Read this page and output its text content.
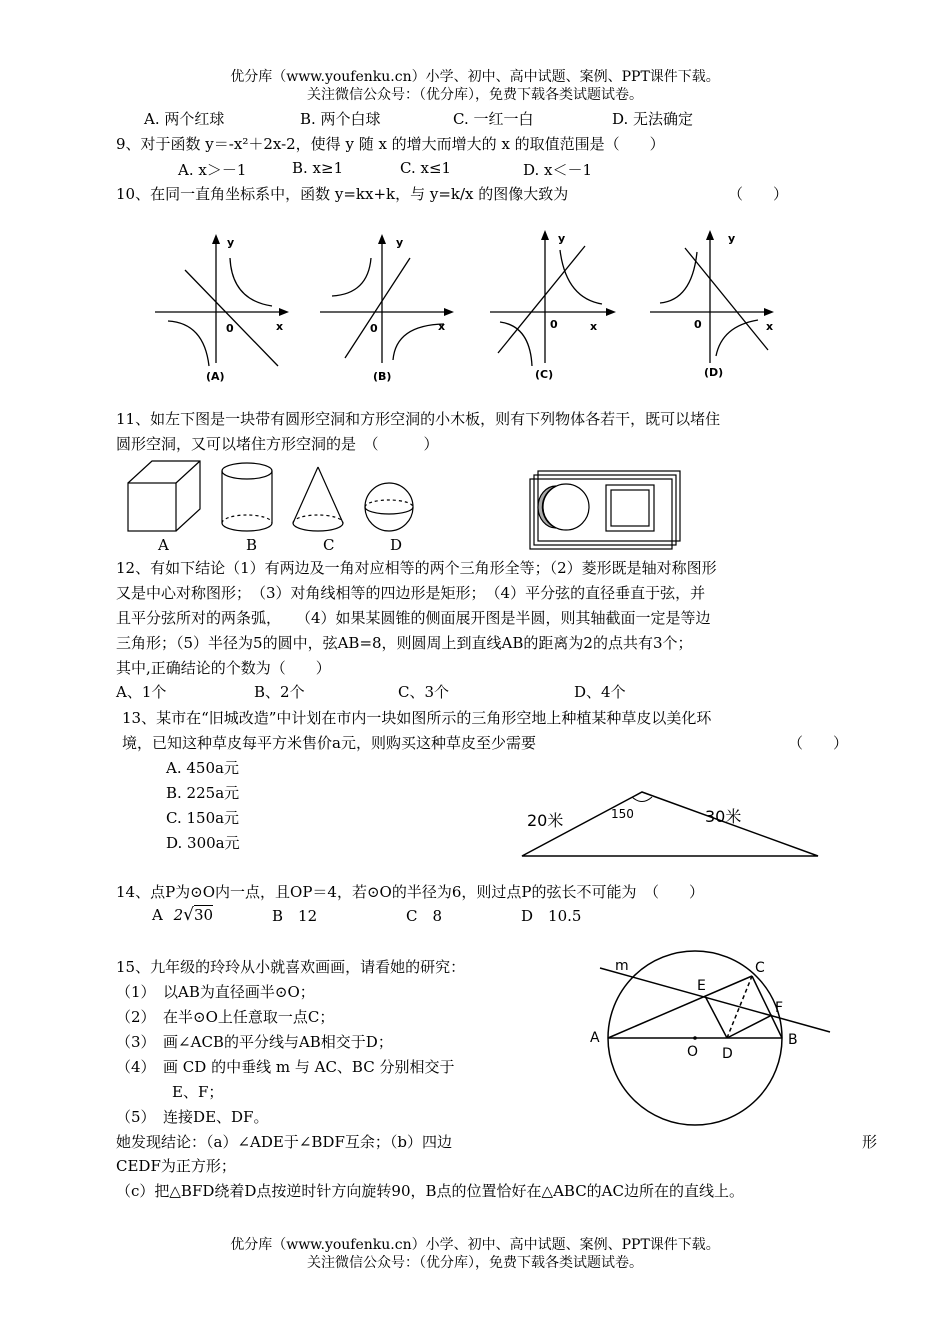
优分库（www.youfenku.cn）小学、初中、高中试题、案例、PPT课件下载。
关注微信公众号：（优分库），免费下载各类试题试卷。
A. 两个红球	B. 两个白球	C. 一红一白	D. 无法确定
9、对于函数 y＝-x²＋2x-2，使得 y 随 x 的增大而增大的 x 的取值范围是（　　）
A. x＞－1	B. x≥1	C. x≤1	D. x＜－1
10、在同一直角坐标系中，函数 y=kx+k，与 y=k/x 的图像大致为	（　　）
y
x
0
(A)
y
x
0
(B)
y
x
0
(C)
y
x
0
(D)
11、如左下图是一块带有圆形空洞和方形空洞的小木板，则有下列物体各若干，既可以堵住
圆形空洞，又可以堵住方形空洞的是　（　　　）
A	B	C	D
12、有如下结论（1）有两边及一角对应相等的两个三角形全等；（2）菱形既是轴对称图形
又是中心对称图形；　（3）对角线相等的四边形是矩形；　（4）平分弦的直径垂直于弦，并
且平分弦所对的两条弧，　　（4）如果某圆锥的侧面展开图是半圆，则其轴截面一定是等边
三角形；（5）半径为5的圆中，弦AB=8，则圆周上到直线AB的距离为2的点共有3个；
其中,正确结论的个数为（　　）
A、1个	B、2个	C、3个	D、4个
13、某市在“旧城改造”中计划在市内一块如图所示的三角形空地上种植某种草皮以美化环
境，已知这种草皮每平方米售价a元，则购买这种草皮至少需要	（　　）
A. 450a元
B. 225a元
C. 150a元
D. 300a元
20米	30米
150
14、点P为⊙O内一点，且OP＝4，若⊙O的半径为6，则过点P的弦长不可能为　（　　）
A 2√30	B　12	C　8	D　10.5
15、九年级的玲玲从小就喜欢画画，请看她的研究：
（1）　以AB为直径画半⊙O；
（2）　在半⊙O上任意取一点C；
（3）　画∠ACB的平分线与AB相交于D；
（4）　画 CD 的中垂线 m 与 AC、BC 分别相交于
E、F；
（5）　连接DE、DF。
她发现结论：（a）∠ADE于∠BDF互余；（b）四边	形
CEDF为正方形；
（c）把△BFD绕着D点按逆时针方向旋转90，B点的位置恰好在△ABC的AC边所在的直线上。
m
A	B
C
D
E
F
O
优分库（www.youfenku.cn）小学、初中、高中试题、案例、PPT课件下载。
关注微信公众号：（优分库），免费下载各类试题试卷。
